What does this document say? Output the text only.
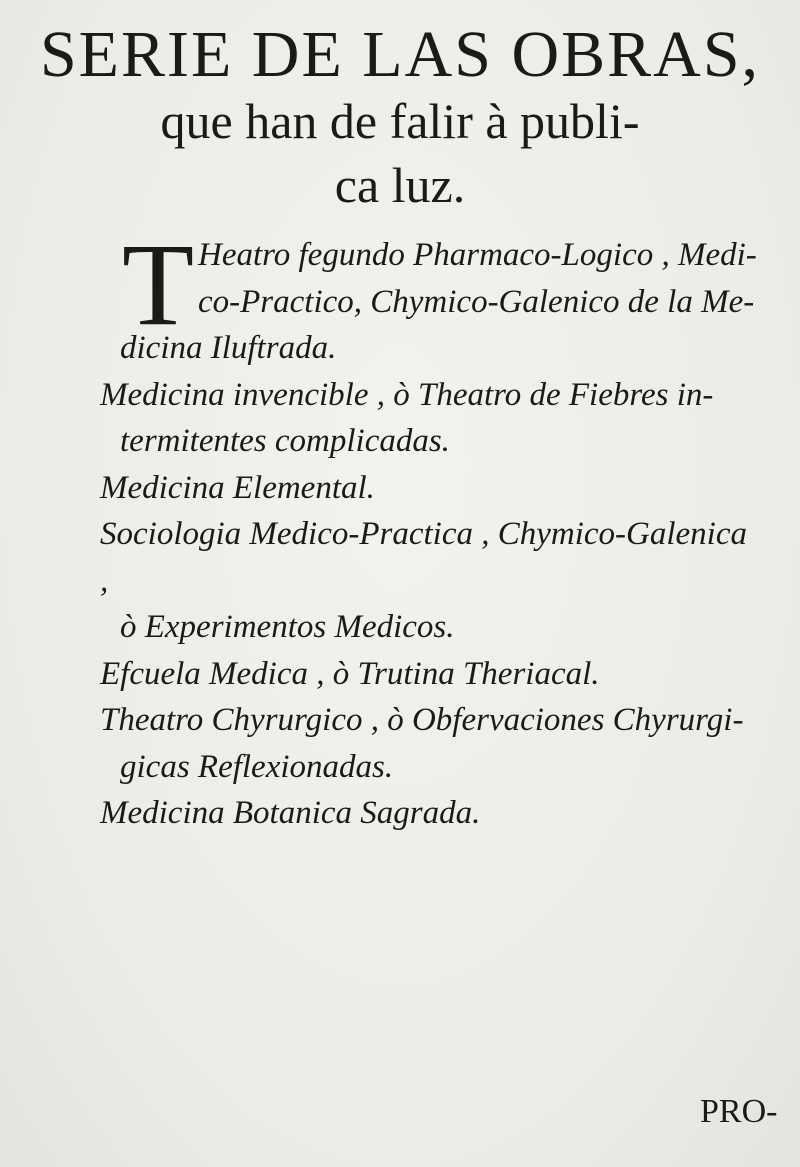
SERIE DE LAS OBRAS,
que han de falir à publi-
ca luz.
T Heatro fegundo Pharmaco-Logico , Medi-

co-Practico, Chymico-Galenico de la Me-

dicina Iluftrada.

Medicina invencible , ò Theatro de Fiebres in-

termitentes complicadas.

Medicina Elemental.

Sociologia Medico-Practica , Chymico-Galenica ,

ò Experimentos Medicos.

Efcuela Medica , ò Trutina Theriacal.

Theatro Chyrurgico , ò Obfervaciones Chyrurgi-

gicas Reflexionadas.

Medicina Botanica Sagrada.

PRO-
